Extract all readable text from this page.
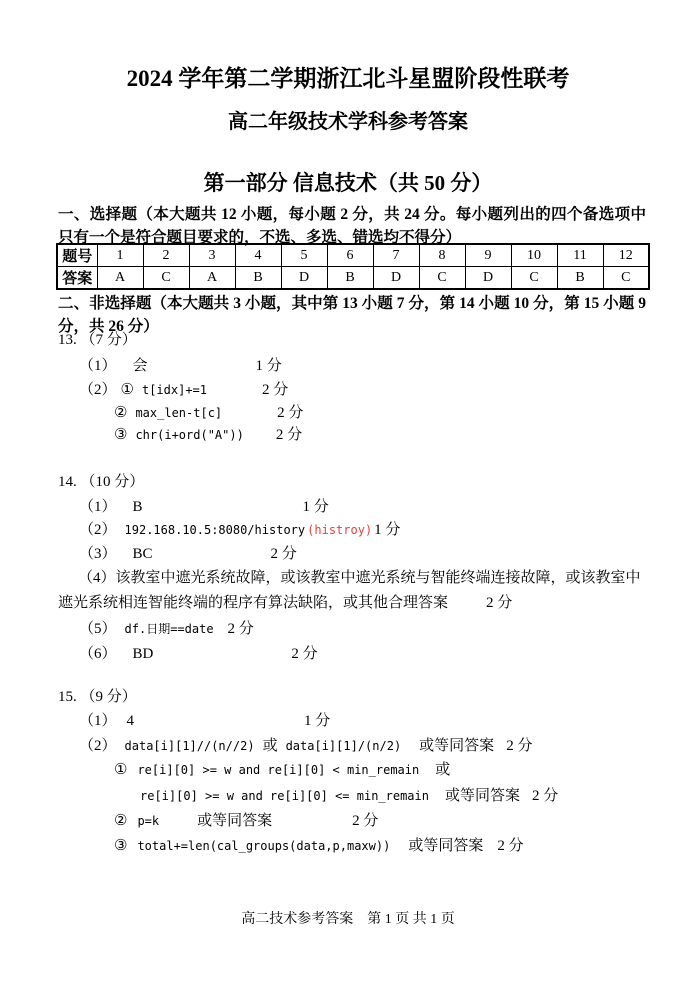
2024 学年第二学期浙江北斗星盟阶段性联考
高二年级技术学科参考答案
第一部分 信息技术（共 50 分）
一、选择题（本大题共 12 小题，每小题 2 分，共 24 分。每小题列出的四个备选项中只有一个是符合题目要求的，不选、多选、错选均不得分）
题号	1	2	3	4	5	6	7	8	9	10	11	12
答案	A	C	A	B	D	B	D	C	D	C	B	C
二、非选择题（本大题共 3 小题，其中第 13 小题 7 分，第 14 小题 10 分，第 15 小题 9 分，共 26 分）
13. （7 分）
（1） 会	1 分
（2） ① t[idx]+=1	2 分
② max_len-t[c]	2 分
③ chr(i+ord("A")) 2 分
14. （10 分）
（1） B	1 分
（2） 192.168.10.5:8080/history (histroy) 1 分
（3） BC	2 分
（4）该教室中遮光系统故障，或该教室中遮光系统与智能终端连接故障，或该教室中遮光系统相连智能终端的程序有算法缺陷，或其他合理答案	2 分
（5） df.日期==date 2 分
（6） BD	2 分
15. （9 分）
（1） 4	1 分
（2） data[i][1]//(n//2) 或 data[i][1]/(n/2) 或等同答案 2 分
① re[i][0] >= w and re[i][0] < min_remain 或
re[i][0] >= w and re[i][0] <= min_remain 或等同答案 2 分
② p=k	或等同答案	2 分
③ total+=len(cal_groups(data,p,maxw)) 或等同答案 2 分
高二技术参考答案　第 1 页 共 1 页
